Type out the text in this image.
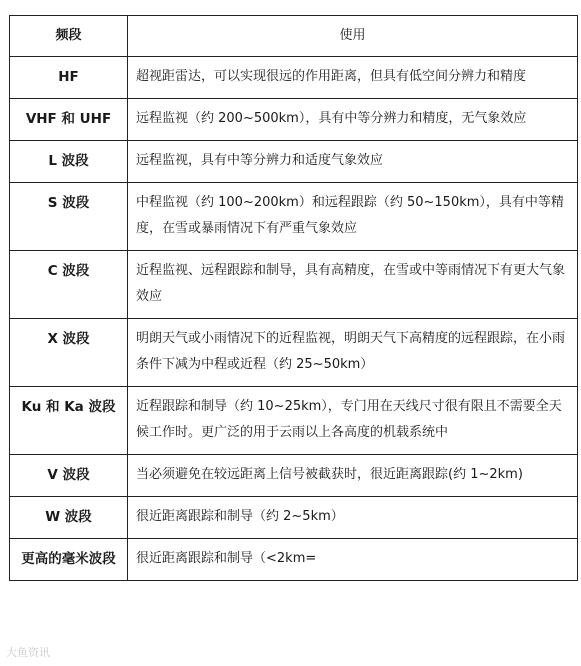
频段	使用
HF	超视距雷达，可以实现很远的作用距离，但具有低空间分辨力和精度
VHF 和 UHF	远程监视（约 200~500km），具有中等分辨力和精度，无气象效应
L 波段	远程监视，具有中等分辨力和适度气象效应
S 波段	中程监视（约 100~200km）和远程跟踪（约 50~150km），具有中等精度，在雪或暴雨情况下有严重气象效应
C 波段	近程监视、远程跟踪和制导，具有高精度，在雪或中等雨情况下有更大气象效应
X 波段	明朗天气或小雨情况下的近程监视，明朗天气下高精度的远程跟踪，在小雨条件下减为中程或近程（约 25~50km）
Ku 和 Ka 波段	近程跟踪和制导（约 10~25km），专门用在天线尺寸很有限且不需要全天候工作时。更广泛的用于云雨以上各高度的机载系统中
V 波段	当必须避免在较远距离上信号被截获时，很近距离跟踪(约 1~2km)
W 波段	很近距离跟踪和制导（约 2~5km）
更高的毫米波段	很近距离跟踪和制导（<2km=
大鱼资讯
